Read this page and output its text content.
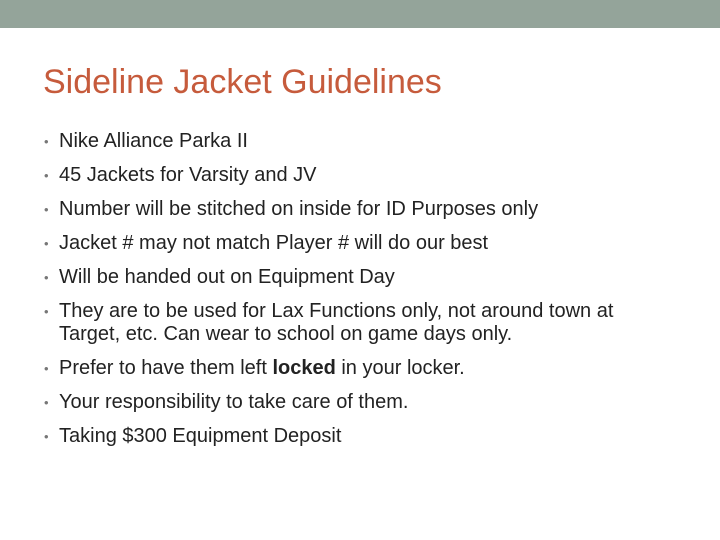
Sideline Jacket Guidelines
• Nike Alliance Parka II
• 45 Jackets for Varsity and JV
• Number will be stitched on inside for ID Purposes only
• Jacket # may not match Player # will do our best
• Will be handed out on Equipment Day
• They are to be used for Lax Functions only, not around town at Target, etc. Can wear to school on game days only.
• Prefer to have them left locked in your locker.
• Your responsibility to take care of them.
• Taking $300 Equipment Deposit
